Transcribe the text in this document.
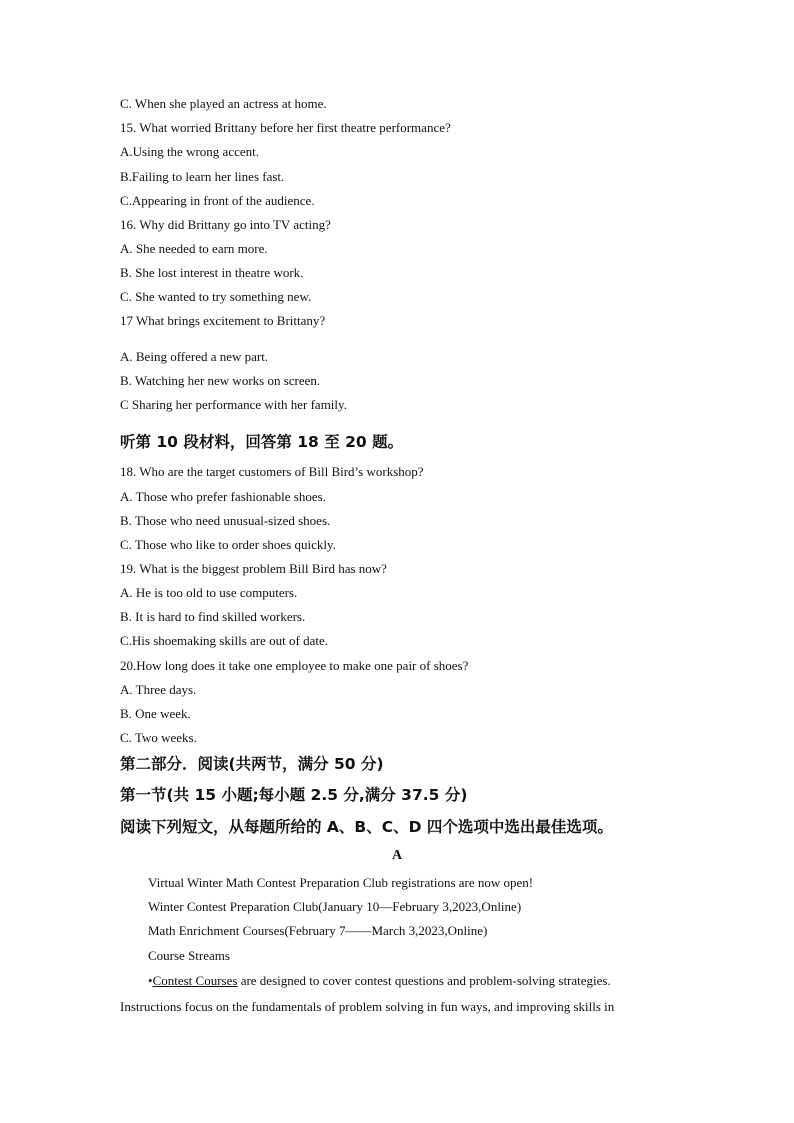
C. When she played an actress at home.
15. What worried Brittany before her first theatre performance?
A.Using the wrong accent.
B.Failing to learn her lines fast.
C.Appearing in front of the audience.
16. Why did Brittany go into TV acting?
A. She needed to earn more.
B. She lost interest in theatre work.
C. She wanted to try something new.
17 What brings excitement to Brittany?
A. Being offered a new part.
B. Watching her new works on screen.
C Sharing her performance with her family.
听第 10 段材料，回答第 18 至 20 题。
18. Who are the target customers of Bill Bird’s workshop?
A. Those who prefer fashionable shoes.
B. Those who need unusual-sized shoes.
C. Those who like to order shoes quickly.
19. What is the biggest problem Bill Bird has now?
A. He is too old to use computers.
B. It is hard to find skilled workers.
C.His shoemaking skills are out of date.
20.How long does it take one employee to make one pair of shoes?
A. Three days.
B. One week.
C. Two weeks.
第二部分．阅读(共两节，满分 50 分)
第一节(共 15 小题;每小题 2.5 分,满分 37.5 分)
阅读下列短文，从每题所给的 A、B、C、D 四个选项中选出最佳选项。
A
Virtual Winter Math Contest Preparation Club registrations are now open!
Winter Contest Preparation Club(January 10—February 3,2023,Online)
Math Enrichment Courses(February 7——March 3,2023,Online)
Course Streams
•Contest Courses are designed to cover contest questions and problem-solving strategies.
Instructions focus on the fundamentals of problem solving in fun ways, and improving skills in
